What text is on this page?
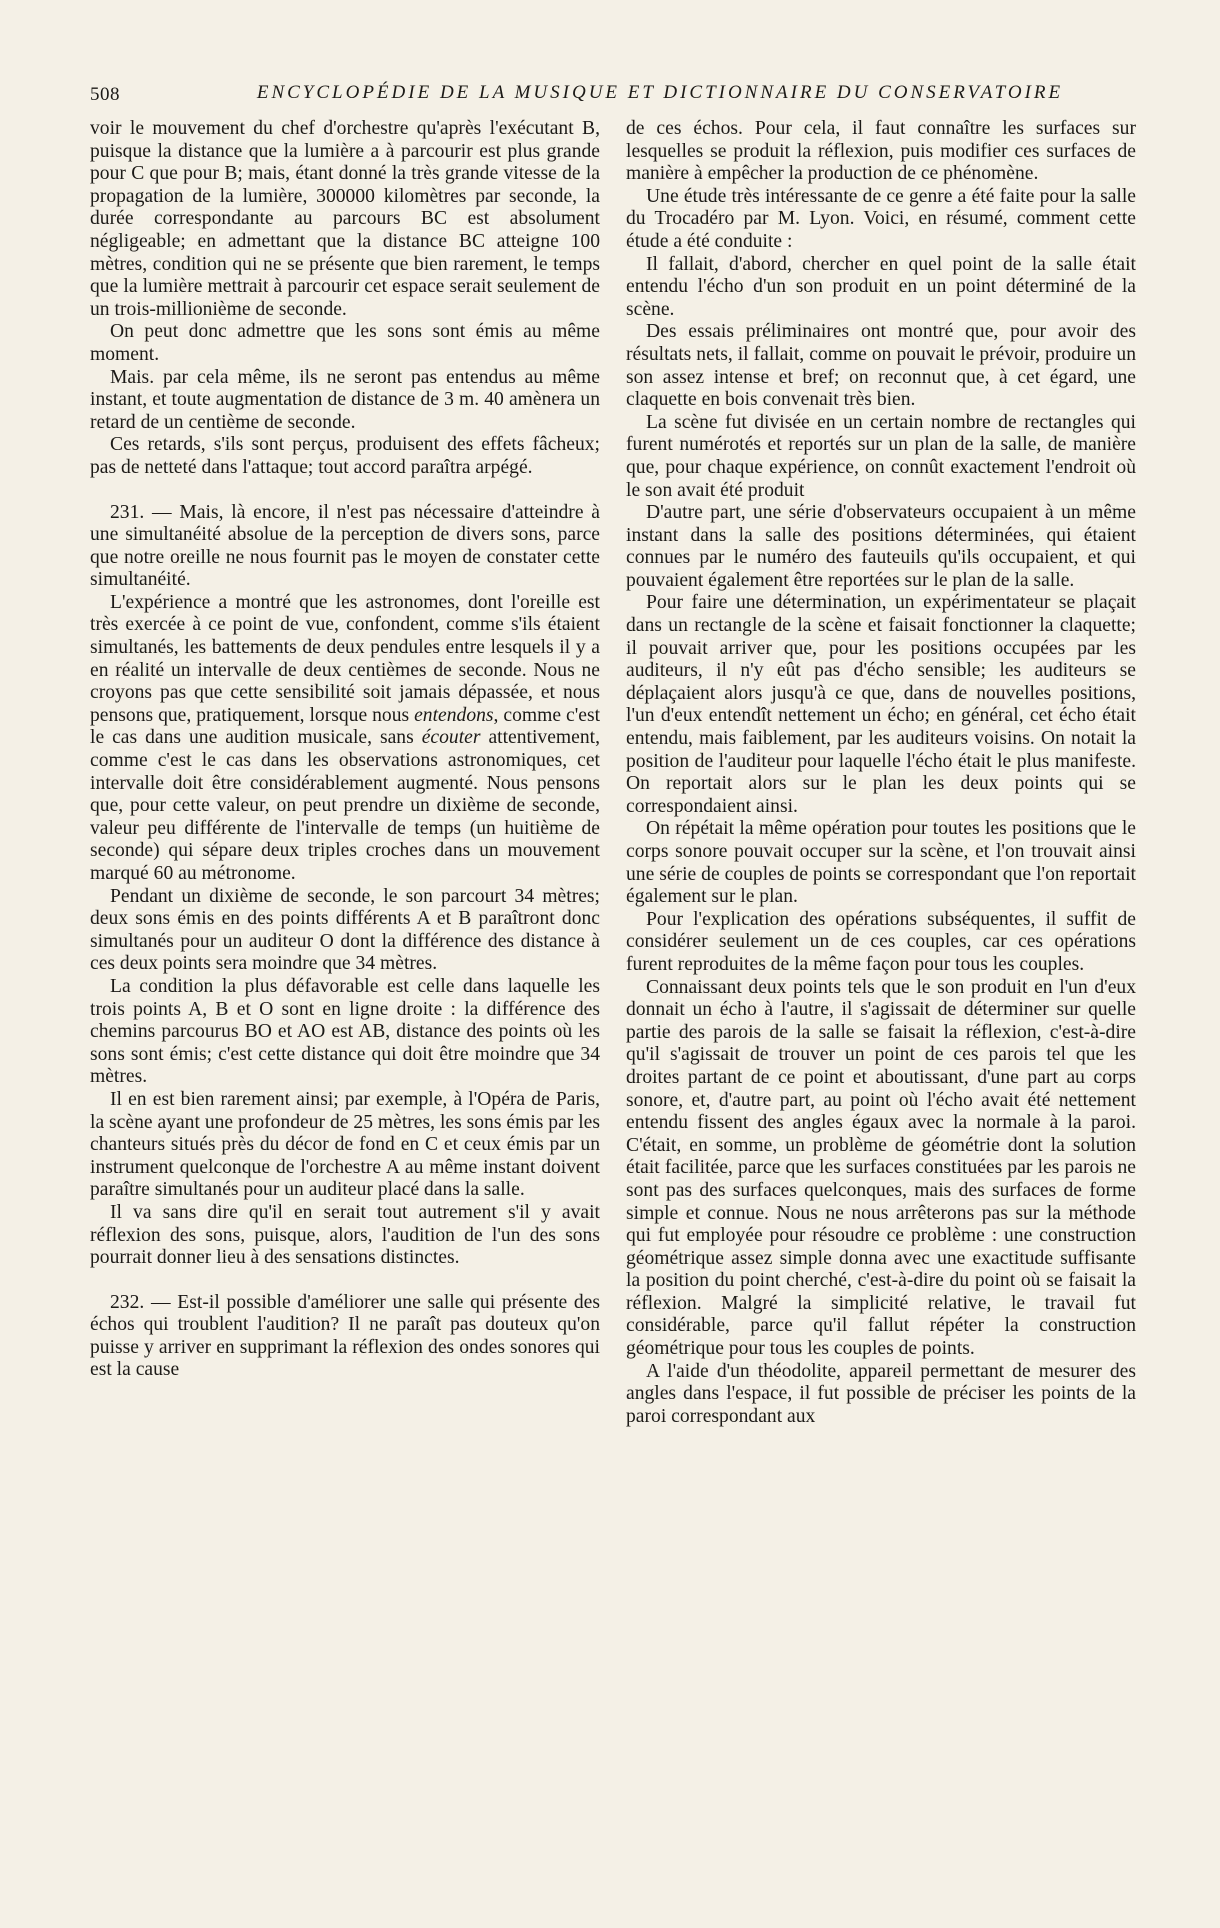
508	ENCYCLOPÉDIE DE LA MUSIQUE ET DICTIONNAIRE DU CONSERVATOIRE

voir le mouvement du chef d'orchestre qu'après l'exécutant B, puisque la distance que la lumière a à parcourir est plus grande pour C que pour B; mais, étant donné la très grande vitesse de la propagation de la lumière, 300000 kilomètres par seconde, la durée correspondante au parcours BC est absolument négligeable; en admettant que la distance BC atteigne 100 mètres, condition qui ne se présente que bien rarement, le temps que la lumière mettrait à parcourir cet espace serait seulement de un trois-millionième de seconde.

On peut donc admettre que les sons sont émis au même moment.

Mais. par cela même, ils ne seront pas entendus au même instant, et toute augmentation de distance de 3 m. 40 amènera un retard de un centième de seconde.

Ces retards, s'ils sont perçus, produisent des effets fâcheux; pas de netteté dans l'attaque; tout accord paraîtra arpégé.

231. — Mais, là encore, il n'est pas nécessaire d'atteindre à une simultanéité absolue de la perception de divers sons, parce que notre oreille ne nous fournit pas le moyen de constater cette simultanéité.

L'expérience a montré que les astronomes, dont l'oreille est très exercée à ce point de vue, confondent, comme s'ils étaient simultanés, les battements de deux pendules entre lesquels il y a en réalité un intervalle de deux centièmes de seconde. Nous ne croyons pas que cette sensibilité soit jamais dépassée, et nous pensons que, pratiquement, lorsque nous entendons, comme c'est le cas dans une audition musicale, sans écouter attentivement, comme c'est le cas dans les observations astronomiques, cet intervalle doit être considérablement augmenté. Nous pensons que, pour cette valeur, on peut prendre un dixième de seconde, valeur peu différente de l'intervalle de temps (un huitième de seconde) qui sépare deux triples croches dans un mouvement marqué 60 au métronome.

Pendant un dixième de seconde, le son parcourt 34 mètres; deux sons émis en des points différents A et B paraîtront donc simultanés pour un auditeur O dont la différence des distance à ces deux points sera moindre que 34 mètres.

La condition la plus défavorable est celle dans laquelle les trois points A, B et O sont en ligne droite : la différence des chemins parcourus BO et AO est AB, distance des points où les sons sont émis; c'est cette distance qui doit être moindre que 34 mètres.

Il en est bien rarement ainsi; par exemple, à l'Opéra de Paris, la scène ayant une profondeur de 25 mètres, les sons émis par les chanteurs situés près du décor de fond en C et ceux émis par un instrument quelconque de l'orchestre A au même instant doivent paraître simultanés pour un auditeur placé dans la salle.

Il va sans dire qu'il en serait tout autrement s'il y avait réflexion des sons, puisque, alors, l'audition de l'un des sons pourrait donner lieu à des sensations distinctes.

232. — Est-il possible d'améliorer une salle qui présente des échos qui troublent l'audition? Il ne paraît pas douteux qu'on puisse y arriver en supprimant la réflexion des ondes sonores qui est la cause

de ces échos. Pour cela, il faut connaître les surfaces sur lesquelles se produit la réflexion, puis modifier ces surfaces de manière à empêcher la production de ce phénomène.

Une étude très intéressante de ce genre a été faite pour la salle du Trocadéro par M. Lyon. Voici, en résumé, comment cette étude a été conduite :

Il fallait, d'abord, chercher en quel point de la salle était entendu l'écho d'un son produit en un point déterminé de la scène.

Des essais préliminaires ont montré que, pour avoir des résultats nets, il fallait, comme on pouvait le prévoir, produire un son assez intense et bref; on reconnut que, à cet égard, une claquette en bois convenait très bien.

La scène fut divisée en un certain nombre de rectangles qui furent numérotés et reportés sur un plan de la salle, de manière que, pour chaque expérience, on connût exactement l'endroit où le son avait été produit

D'autre part, une série d'observateurs occupaient à un même instant dans la salle des positions déterminées, qui étaient connues par le numéro des fauteuils qu'ils occupaient, et qui pouvaient également être reportées sur le plan de la salle.

Pour faire une détermination, un expérimentateur se plaçait dans un rectangle de la scène et faisait fonctionner la claquette; il pouvait arriver que, pour les positions occupées par les auditeurs, il n'y eût pas d'écho sensible; les auditeurs se déplaçaient alors jusqu'à ce que, dans de nouvelles positions, l'un d'eux entendît nettement un écho; en général, cet écho était entendu, mais faiblement, par les auditeurs voisins. On notait la position de l'auditeur pour laquelle l'écho était le plus manifeste. On reportait alors sur le plan les deux points qui se correspondaient ainsi.

On répétait la même opération pour toutes les positions que le corps sonore pouvait occuper sur la scène, et l'on trouvait ainsi une série de couples de points se correspondant que l'on reportait également sur le plan.

Pour l'explication des opérations subséquentes, il suffit de considérer seulement un de ces couples, car ces opérations furent reproduites de la même façon pour tous les couples.

Connaissant deux points tels que le son produit en l'un d'eux donnait un écho à l'autre, il s'agissait de déterminer sur quelle partie des parois de la salle se faisait la réflexion, c'est-à-dire qu'il s'agissait de trouver un point de ces parois tel que les droites partant de ce point et aboutissant, d'une part au corps sonore, et, d'autre part, au point où l'écho avait été nettement entendu fissent des angles égaux avec la normale à la paroi. C'était, en somme, un problème de géométrie dont la solution était facilitée, parce que les surfaces constituées par les parois ne sont pas des surfaces quelconques, mais des surfaces de forme simple et connue. Nous ne nous arrêterons pas sur la méthode qui fut employée pour résoudre ce problème : une construction géométrique assez simple donna avec une exactitude suffisante la position du point cherché, c'est-à-dire du point où se faisait la réflexion. Malgré la simplicité relative, le travail fut considérable, parce qu'il fallut répéter la construction géométrique pour tous les couples de points.

A l'aide d'un théodolite, appareil permettant de mesurer des angles dans l'espace, il fut possible de préciser les points de la paroi correspondant aux
